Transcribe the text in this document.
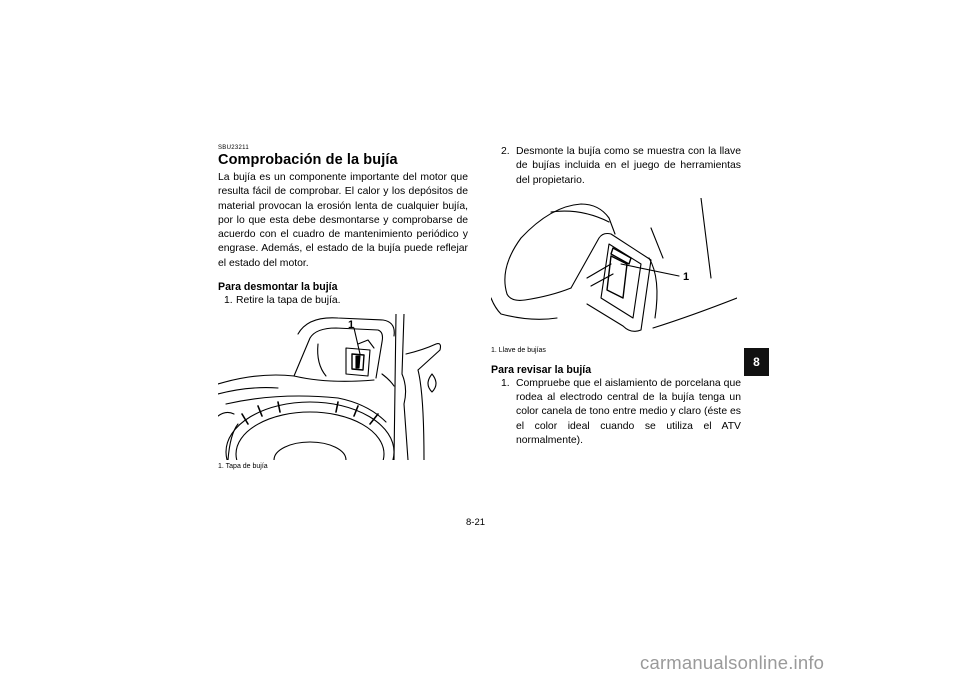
SBU23211
Comprobación de la bujía

La bujía es un componente importante del motor que resulta fácil de comprobar. El calor y los depósitos de material provocan la erosión lenta de cualquier bujía, por lo que esta debe desmontarse y comprobarse de acuerdo con el cuadro de mantenimiento periódico y engrase. Además, el estado de la bujía puede reflejar el estado del motor.

Para desmontar la bujía
1. Retire la tapa de bujía.
1
1. Tapa de bujía
2. Desmonte la bujía como se muestra con la llave de bujías incluida en el juego de herramientas del propietario.
1
1. Llave de bujías
Para revisar la bujía
1. Compruebe que el aislamiento de porcelana que rodea al electrodo central de la bujía tenga un color canela de tono entre medio y claro (éste es el color ideal cuando se utiliza el ATV normalmente).
8
8-21
carmanualsonline.info
